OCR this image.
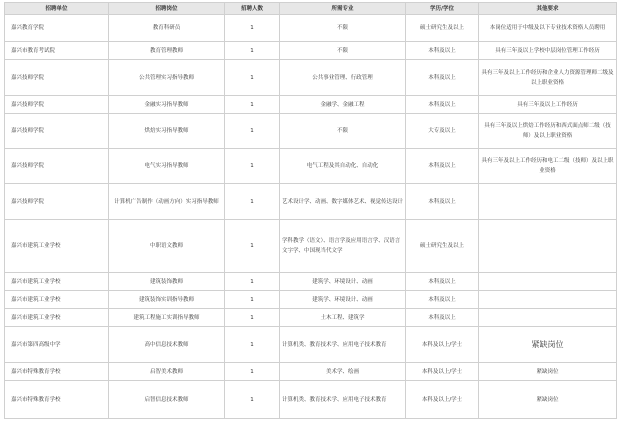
招聘单位	招聘岗位	招聘人数	所需专业	学历/学位	其他要求
嘉兴教育学院	教育科研员	1	不限	硕士研究生及以上	本岗位适用于中级及以下专业技术资格人员聘用
嘉兴市教育考试院	教育管理教师	1	不限	本科及以上	具有三年及以上学校中层岗位管理工作经历
嘉兴技师学院	公共管理实习指导教师	1	公共事业管理、行政管理	本科及以上	具有三年及以上工作经历和企业人力资源管理师二级及以上职业资格
嘉兴技师学院	金融实习指导教师	1	金融学、金融工程	本科及以上	具有三年及以上工作经历
嘉兴技师学院	烘焙实习指导教师	1	不限	大专及以上	具有三年及以上烘焙工作经历和西式面点师二级（技师）及以上职业资格
嘉兴技师学院	电气实习指导教师	1	电气工程及其自动化、自动化	本科及以上	具有三年及以上工作经历和电工二级（技师）及以上职业资格
嘉兴技师学院	计算机广告制作（动画方向）实习指导教师	1	艺术设计学、动画、数字媒体艺术、视觉传达设计	本科及以上	
嘉兴市建筑工业学校	中职语文教师	1	学科教学（语文）、语言学及应用语言学、汉语言文字学、中国现当代文学	硕士研究生及以上	
嘉兴市建筑工业学校	建筑装饰教师	1	建筑学、环境设计、动画	本科及以上	
嘉兴市建筑工业学校	建筑装饰实训指导教师	1	建筑学、环境设计、动画	本科及以上	
嘉兴市建筑工业学校	建筑工程施工实训指导教师	1	土木工程、建筑学	本科及以上	
嘉兴市第四高级中学	高中信息技术教师	1	计算机类、教育技术学、应用电子技术教育	本科及以上/学士	紧缺岗位
嘉兴市特殊教育学校	启智美术教师	1	美术学、绘画	本科及以上/学士	紧缺岗位
嘉兴市特殊教育学校	启智信息技术教师	1	计算机类、教育技术学、应用电子技术教育	本科及以上/学士	紧缺岗位
